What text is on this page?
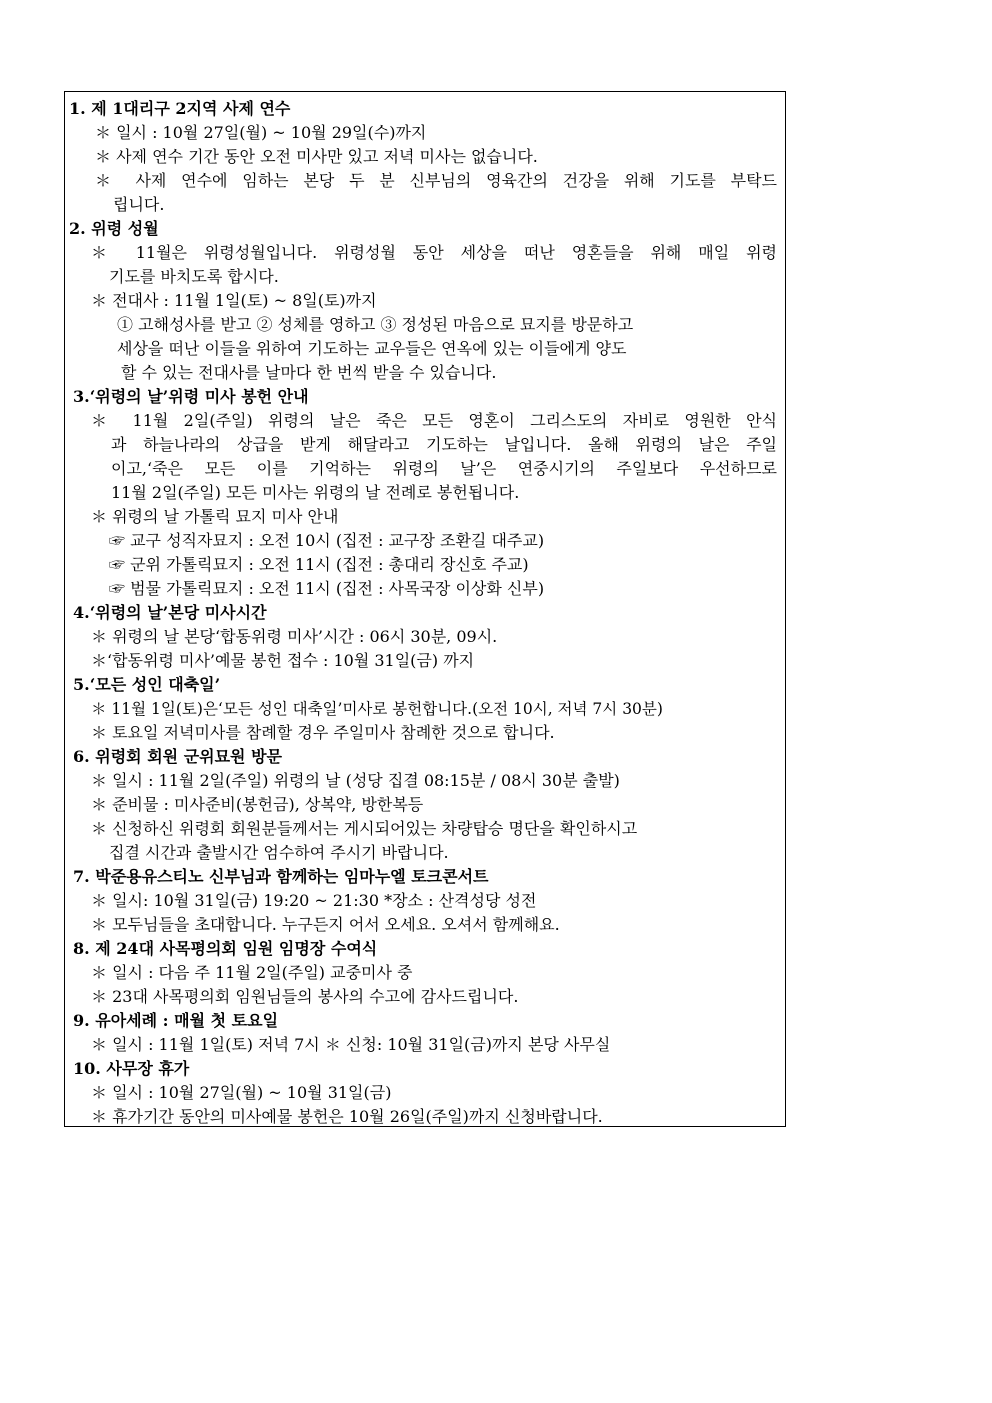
1. 제 1대리구 2지역 사제 연수
＊ 일시 : 10월 27일(월) ~ 10월 29일(수)까지
＊ 사제 연수 기간 동안 오전 미사만 있고 저녁 미사는 없습니다.
＊ 사제 연수에 임하는 본당 두 분 신부님의 영육간의 건강을 위해 기도를 부탁드
립니다.
2. 위령 성월
＊ 11월은 위령성월입니다. 위령성월 동안 세상을 떠난 영혼들을 위해 매일 위령
기도를 바치도록 합시다.
＊ 전대사 : 11월 1일(토) ~ 8일(토)까지
① 고해성사를 받고 ② 성체를 영하고 ③ 정성된 마음으로 묘지를 방문하고
세상을 떠난 이들을 위하여 기도하는 교우들은 연옥에 있는 이들에게 양도
할 수 있는 전대사를 날마다 한 번씩 받을 수 있습니다.
3.‘위령의 날’위령 미사 봉헌 안내
＊ 11월 2일(주일) 위령의 날은 죽은 모든 영혼이 그리스도의 자비로 영원한 안식
과 하늘나라의 상급을 받게 해달라고 기도하는 날입니다. 올해 위령의 날은 주일
이고,‘죽은 모든 이를 기억하는 위령의 날’은 연중시기의 주일보다 우선하므로
11월 2일(주일) 모든 미사는 위령의 날 전례로 봉헌됩니다.
＊ 위령의 날 가톨릭 묘지 미사 안내
☞ 교구 성직자묘지 : 오전 10시 (집전 : 교구장 조환길 대주교)
☞ 군위 가톨릭묘지 : 오전 11시 (집전 : 총대리 장신호 주교)
☞ 범물 가톨릭묘지 : 오전 11시 (집전 : 사목국장 이상화 신부)
4.‘위령의 날’본당 미사시간
＊ 위령의 날 본당‘합동위령 미사’시간 : 06시 30분, 09시.
＊‘합동위령 미사’예물 봉헌 접수 : 10월 31일(금) 까지
5.‘모든 성인 대축일’
＊ 11월 1일(토)은‘모든 성인 대축일’미사로 봉헌합니다.(오전 10시, 저녁 7시 30분)
＊ 토요일 저녁미사를 참례할 경우 주일미사 참례한 것으로 합니다.
6. 위령회 회원 군위묘원 방문
＊ 일시 : 11월 2일(주일) 위령의 날 (성당 집결 08:15분 / 08시 30분 출발)
＊ 준비물 : 미사준비(봉헌금), 상복약, 방한복등
＊ 신청하신 위령회 회원분들께서는 게시되어있는 차량탑승 명단을 확인하시고
집결 시간과 출발시간 엄수하여 주시기 바랍니다.
7. 박준용유스티노 신부님과 함께하는 임마누엘 토크콘서트
＊ 일시: 10월 31일(금) 19:20 ~ 21:30 *장소 : 산격성당 성전
＊ 모두님들을 초대합니다. 누구든지 어서 오세요. 오셔서 함께해요.
8. 제 24대 사목평의회 임원 임명장 수여식
＊ 일시 : 다음 주 11월 2일(주일) 교중미사 중
＊ 23대 사목평의회 임원님들의 봉사의 수고에 감사드립니다.
9. 유아세례 : 매월 첫 토요일
＊ 일시 : 11월 1일(토) 저녁 7시 ＊ 신청: 10월 31일(금)까지 본당 사무실
10. 사무장 휴가
＊ 일시 : 10월 27일(월) ~ 10월 31일(금)
＊ 휴가기간 동안의 미사예물 봉헌은 10월 26일(주일)까지 신청바랍니다.
